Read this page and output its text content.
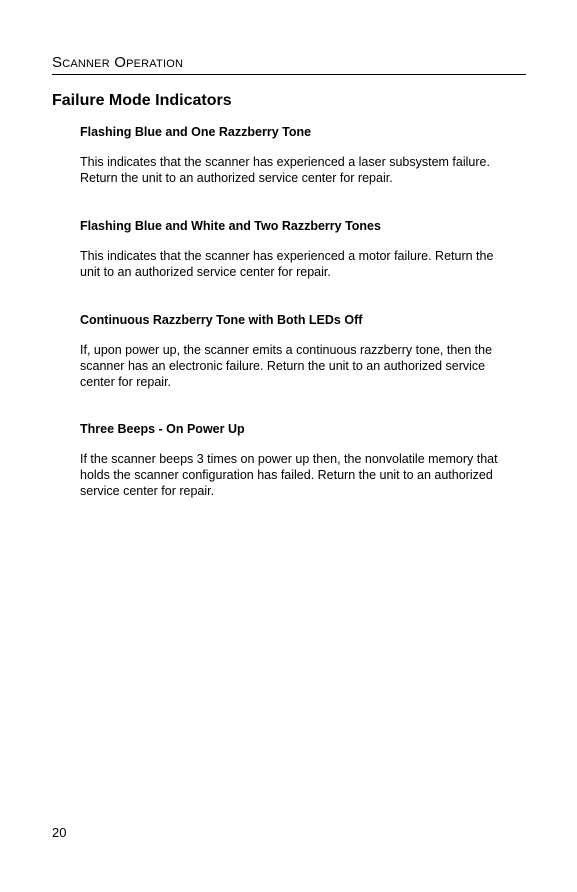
Scanner Operation
Failure Mode Indicators

Flashing Blue and One Razzberry Tone

This indicates that the scanner has experienced a laser subsystem failure.
Return the unit to an authorized service center for repair.

Flashing Blue and White and Two Razzberry Tones

This indicates that the scanner has experienced a motor failure. Return the
unit to an authorized service center for repair.

Continuous Razzberry Tone with Both LEDs Off

If, upon power up, the scanner emits a continuous razzberry tone, then the
scanner has an electronic failure. Return the unit to an authorized service
center for repair.

Three Beeps - On Power Up

If the scanner beeps 3 times on power up then, the nonvolatile memory that
holds the scanner configuration has failed. Return the unit to an authorized
service center for repair.

20
